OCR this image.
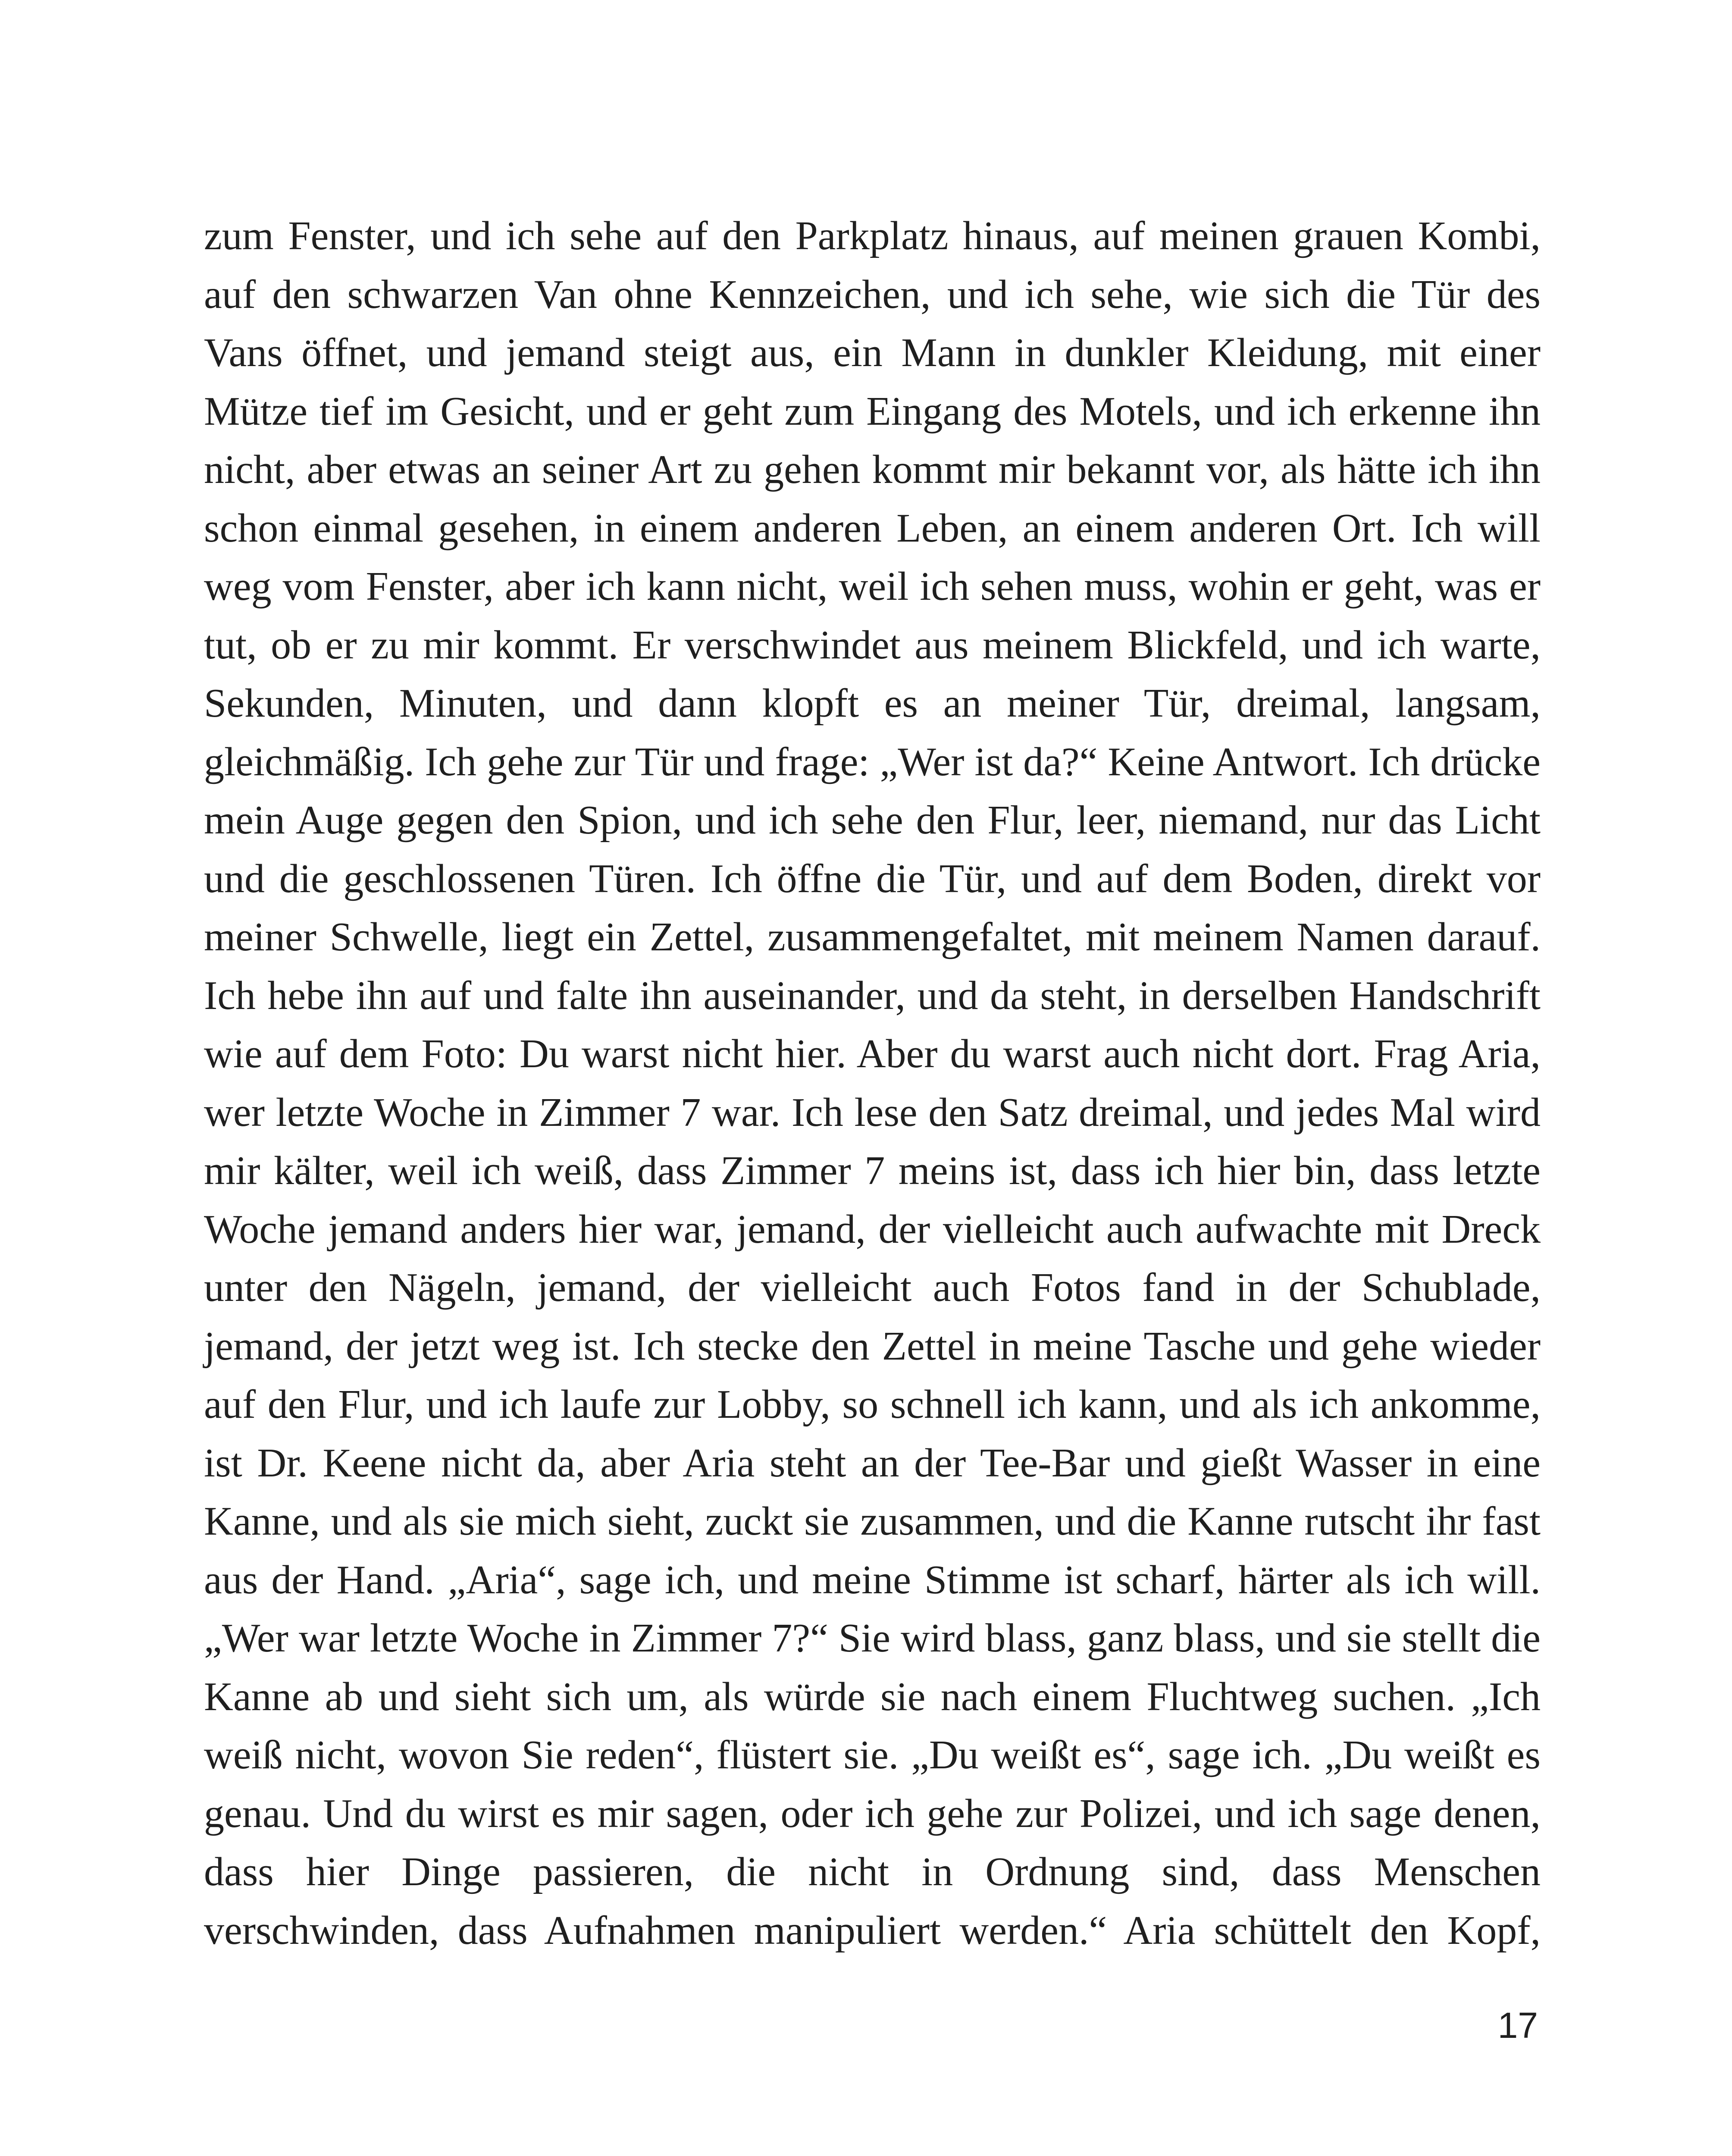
zum Fenster, und ich sehe auf den Parkplatz hinaus, auf meinen grauen Kombi,
auf den schwarzen Van ohne Kennzeichen, und ich sehe, wie sich die Tür des
Vans öffnet, und jemand steigt aus, ein Mann in dunkler Kleidung, mit einer
Mütze tief im Gesicht, und er geht zum Eingang des Motels, und ich erkenne ihn
nicht, aber etwas an seiner Art zu gehen kommt mir bekannt vor, als hätte ich ihn
schon einmal gesehen, in einem anderen Leben, an einem anderen Ort. Ich will
weg vom Fenster, aber ich kann nicht, weil ich sehen muss, wohin er geht, was er
tut, ob er zu mir kommt. Er verschwindet aus meinem Blickfeld, und ich warte,
Sekunden, Minuten, und dann klopft es an meiner Tür, dreimal, langsam,
gleichmäßig. Ich gehe zur Tür und frage: „Wer ist da?“ Keine Antwort. Ich drücke
mein Auge gegen den Spion, und ich sehe den Flur, leer, niemand, nur das Licht
und die geschlossenen Türen. Ich öffne die Tür, und auf dem Boden, direkt vor
meiner Schwelle, liegt ein Zettel, zusammengefaltet, mit meinem Namen darauf.
Ich hebe ihn auf und falte ihn auseinander, und da steht, in derselben Handschrift
wie auf dem Foto: Du warst nicht hier. Aber du warst auch nicht dort. Frag Aria,
wer letzte Woche in Zimmer 7 war. Ich lese den Satz dreimal, und jedes Mal wird
mir kälter, weil ich weiß, dass Zimmer 7 meins ist, dass ich hier bin, dass letzte
Woche jemand anders hier war, jemand, der vielleicht auch aufwachte mit Dreck
unter den Nägeln, jemand, der vielleicht auch Fotos fand in der Schublade,
jemand, der jetzt weg ist. Ich stecke den Zettel in meine Tasche und gehe wieder
auf den Flur, und ich laufe zur Lobby, so schnell ich kann, und als ich ankomme,
ist Dr. Keene nicht da, aber Aria steht an der Tee-Bar und gießt Wasser in eine
Kanne, und als sie mich sieht, zuckt sie zusammen, und die Kanne rutscht ihr fast
aus der Hand. „Aria“, sage ich, und meine Stimme ist scharf, härter als ich will.
„Wer war letzte Woche in Zimmer 7?“ Sie wird blass, ganz blass, und sie stellt die
Kanne ab und sieht sich um, als würde sie nach einem Fluchtweg suchen. „Ich
weiß nicht, wovon Sie reden“, flüstert sie. „Du weißt es“, sage ich. „Du weißt es
genau. Und du wirst es mir sagen, oder ich gehe zur Polizei, und ich sage denen,
dass hier Dinge passieren, die nicht in Ordnung sind, dass Menschen
verschwinden, dass Aufnahmen manipuliert werden.“ Aria schüttelt den Kopf,
17
